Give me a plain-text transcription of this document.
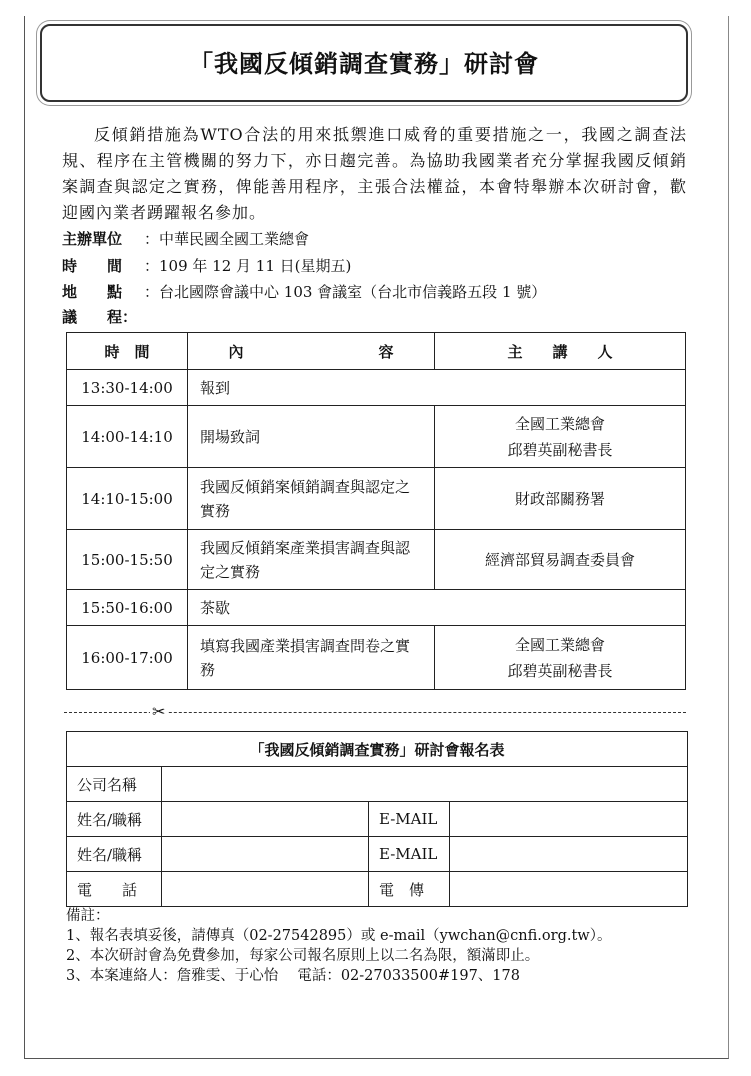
「我國反傾銷調查實務」研討會
反傾銷措施為WTO合法的用來抵禦進口威脅的重要措施之一，我國之調查法規、程序在主管機關的努力下，亦日趨完善。為協助我國業者充分掌握我國反傾銷案調查與認定之實務，俾能善用程序，主張合法權益，本會特舉辦本次研討會，歡迎國內業者踴躍報名參加。
主辦單位 ：中華民國全國工業總會
時　　間 ：109 年 12 月 11 日(星期五)
地　　點 ：台北國際會議中心 103 會議室（台北市信義路五段 1 號）
議　　程：
時　間	內　　　　　　　　　容	主　　講　　人
13:30-14:00	報到	
14:00-14:10	開場致詞	全國工業總會
邱碧英副秘書長

14:10-15:00	我國反傾銷案傾銷調查與認定之實務	財政部關務署
15:00-15:50	我國反傾銷案產業損害調查與認定之實務	經濟部貿易調查委員會
15:50-16:00	茶歇	
16:00-17:00	填寫我國產業損害調查問卷之實務	全國工業總會
邱碧英副秘書長
✂
「我國反傾銷調查實務」研討會報名表			
公司名稱			
姓名/職稱		E-MAIL	
姓名/職稱		E-MAIL	
電　　話		電　傳	
備註：
1、報名表填妥後，請傳真（02-27542895）或 e-mail（ywchan@cnfi.org.tw）。
2、本次研討會為免費參加，每家公司報名原則上以二名為限，額滿即止。
3、本案連絡人：詹雅雯、于心怡　 電話：02-27033500#197、178
